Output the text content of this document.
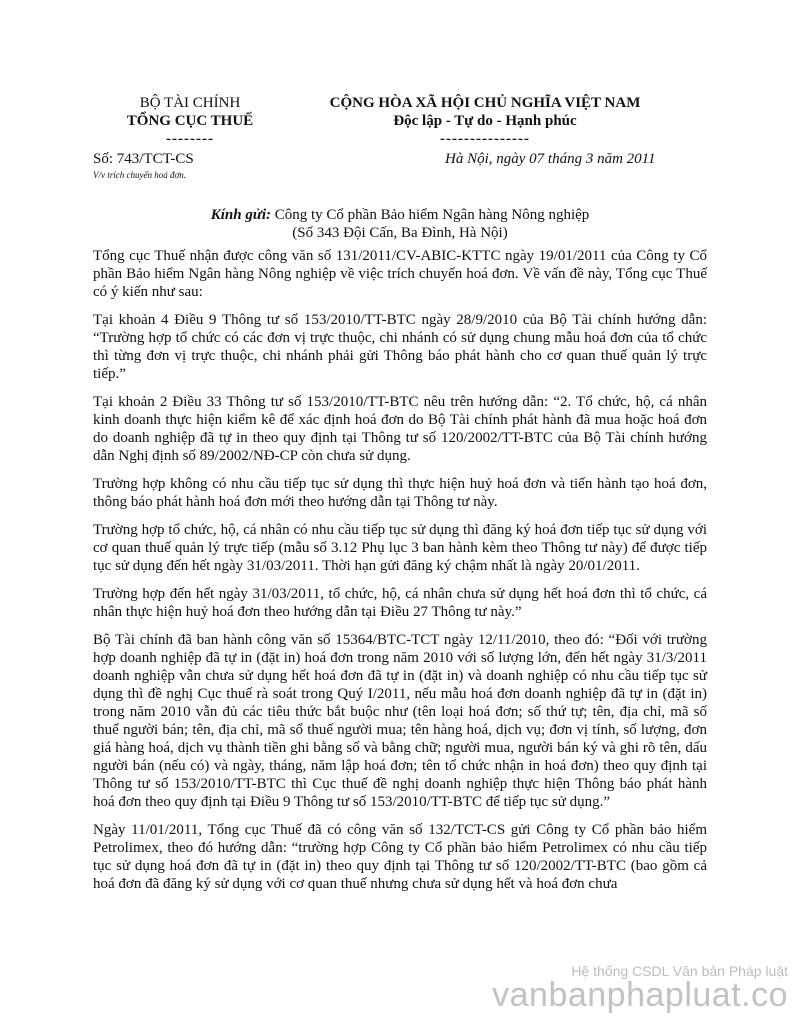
BỘ TÀI CHÍNH
TỔNG CỤC THUẾ
--------
CỘNG HÒA XÃ HỘI CHỦ NGHĨA VIỆT NAM
Độc lập - Tự do - Hạnh phúc
---------------
Số: 743/TCT-CS
V/v trích chuyển hoá đơn.
Hà Nội, ngày 07 tháng 3 năm 2011
Kính gửi: Công ty Cổ phần Bảo hiểm Ngân hàng Nông nghiệp
(Số 343 Đội Cấn, Ba Đình, Hà Nội)

Tổng cục Thuế nhận được công văn số 131/2011/CV-ABIC-KTTC ngày 19/01/2011 của Công ty Cổ phần Bảo hiểm Ngân hàng Nông nghiệp về việc trích chuyển hoá đơn. Về vấn đề này, Tổng cục Thuế có ý kiến như sau:

Tại khoản 4 Điều 9 Thông tư số 153/2010/TT-BTC ngày 28/9/2010 của Bộ Tài chính hướng dẫn: “Trường hợp tổ chức có các đơn vị trực thuộc, chi nhánh có sử dụng chung mẫu hoá đơn của tổ chức thì từng đơn vị trực thuộc, chi nhánh phải gửi Thông báo phát hành cho cơ quan thuế quản lý trực tiếp.”

Tại khoản 2 Điều 33 Thông tư số 153/2010/TT-BTC nêu trên hướng dẫn: “2. Tổ chức, hộ, cá nhân kinh doanh thực hiện kiểm kê để xác định hoá đơn do Bộ Tài chính phát hành đã mua hoặc hoá đơn do doanh nghiệp đã tự in theo quy định tại Thông tư số 120/2002/TT-BTC của Bộ Tài chính hướng dẫn Nghị định số 89/2002/NĐ-CP còn chưa sử dụng.

Trường hợp không có nhu cầu tiếp tục sử dụng thì thực hiện huỷ hoá đơn và tiến hành tạo hoá đơn, thông báo phát hành hoá đơn mới theo hướng dẫn tại Thông tư này.

Trường hợp tổ chức, hộ, cá nhân có nhu cầu tiếp tục sử dụng thì đăng ký hoá đơn tiếp tục sử dụng với cơ quan thuế quản lý trực tiếp (mẫu số 3.12 Phụ lục 3 ban hành kèm theo Thông tư này) để được tiếp tục sử dụng đến hết ngày 31/03/2011. Thời hạn gửi đăng ký chậm nhất là ngày 20/01/2011.

Trường hợp đến hết ngày 31/03/2011, tổ chức, hộ, cá nhân chưa sử dụng hết hoá đơn thì tổ chức, cá nhân thực hiện huỷ hoá đơn theo hướng dẫn tại Điều 27 Thông tư này.”

Bộ Tài chính đã ban hành công văn số 15364/BTC-TCT ngày 12/11/2010, theo đó: “Đối với trường hợp doanh nghiệp đã tự in (đặt in) hoá đơn trong năm 2010 với số lượng lớn, đến hết ngày 31/3/2011 doanh nghiệp vẫn chưa sử dụng hết hoá đơn đã tự in (đặt in) và doanh nghiệp có nhu cầu tiếp tục sử dụng thì đề nghị Cục thuế rà soát trong Quý I/2011, nếu mẫu hoá đơn doanh nghiệp đã tự in (đặt in) trong năm 2010 vẫn đủ các tiêu thức bắt buộc như (tên loại hoá đơn; số thứ tự; tên, địa chỉ, mã số thuế người bán; tên, địa chỉ, mã số thuế người mua; tên hàng hoá, dịch vụ; đơn vị tính, số lượng, đơn giá hàng hoá, dịch vụ thành tiền ghi bằng số và bằng chữ; người mua, người bán ký và ghi rõ tên, dấu người bán (nếu có) và ngày, tháng, năm lập hoá đơn; tên tổ chức nhận in hoá đơn) theo quy định tại Thông tư số 153/2010/TT-BTC thì Cục thuế đề nghị doanh nghiệp thực hiện Thông báo phát hành hoá đơn theo quy định tại Điều 9 Thông tư số 153/2010/TT-BTC để tiếp tục sử dụng.”

Ngày 11/01/2011, Tổng cục Thuế đã có công văn số 132/TCT-CS gửi Công ty Cổ phần bảo hiểm Petrolimex, theo đó hướng dẫn: “trường hợp Công ty Cổ phần bảo hiểm Petrolimex có nhu cầu tiếp tục sử dụng hoá đơn đã tự in (đặt in) theo quy định tại Thông tư số 120/2002/TT-BTC (bao gồm cả hoá đơn đã đăng ký sử dụng với cơ quan thuế nhưng chưa sử dụng hết và hoá đơn chưa

Hệ thống CSDL Văn bản Pháp luật
vanbanphapluat.co
